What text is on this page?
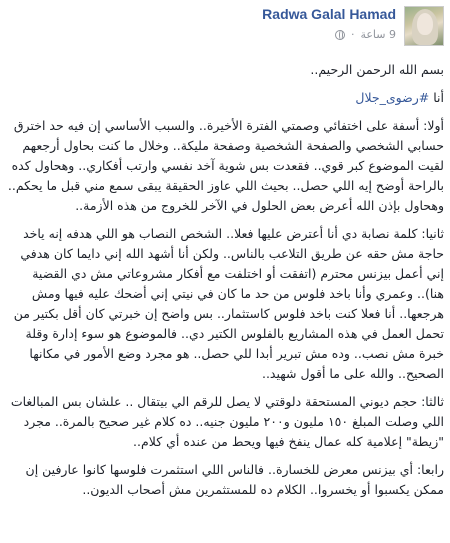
Radwa Galal Hamad
9 ساعة
·

بسم الله الرحمن الرحيم..

أنا #رضوى_جلال

أولا: أسفة على اختفائي وصمتي الفترة الأخيرة.. والسبب الأساسي إن فيه حد اخترق حسابي الشخصي والصفحة الشخصية وصفحة مليكة.. وخلال ما كنت بحاول أرجعهم لقيت الموضوع كبر قوي.. فقعدت بس شوية آخد نفسي وارتب أفكاري.. وهحاول كده بالراحة أوضح إيه اللي حصل.. بحيث اللي عاوز الحقيقة يبقى سمع مني قبل ما يحكم.. وهحاول بإذن الله أعرض بعض الحلول في الآخر للخروج من هذه الأزمة..

ثانيا: كلمة نصابة دي أنا أعترض عليها فعلا.. الشخص النصاب هو اللي هدفه إنه ياخد حاجة مش حقه عن طريق التلاعب بالناس.. ولكن أنا أشهد الله إني دايما كان هدفي إني أعمل بيزنس محترم (اتفقت أو اختلفت مع أفكار مشروعاتي مش دي القضية هنا).. وعمري وأنا باخد فلوس من حد ما كان في نيتي إني أضحك عليه فيها ومش هرجعها.. أنا فعلا كنت باخد فلوس كاستثمار.. بس واضح إن خبرتي كان أقل بكتير من تحمل العمل في هذه المشاريع بالفلوس الكتير دي.. فالموضوع هو سوء إدارة وقلة خبرة مش نصب.. وده مش تبرير أبدا للي حصل.. هو مجرد وضع الأمور في مكانها الصحيح.. والله على ما أقول شهيد..

ثالثا: حجم ديوني المستحقة دلوقتي لا يصل للرقم الي بيتقال .. علشان بس المبالغات اللي وصلت المبلغ ١٥٠ مليون و٢٠٠ مليون جنيه.. ده كلام غير صحيح بالمرة.. مجرد "زيطة" إعلامية كله عمال ينفخ فيها ويحط من عنده أي كلام..

رابعا: أي بيزنس معرض للخسارة.. فالناس اللي استثمرت فلوسها كانوا عارفين إن ممكن يكسبوا أو يخسروا.. الكلام ده للمستثمرين مش أصحاب الديون..
